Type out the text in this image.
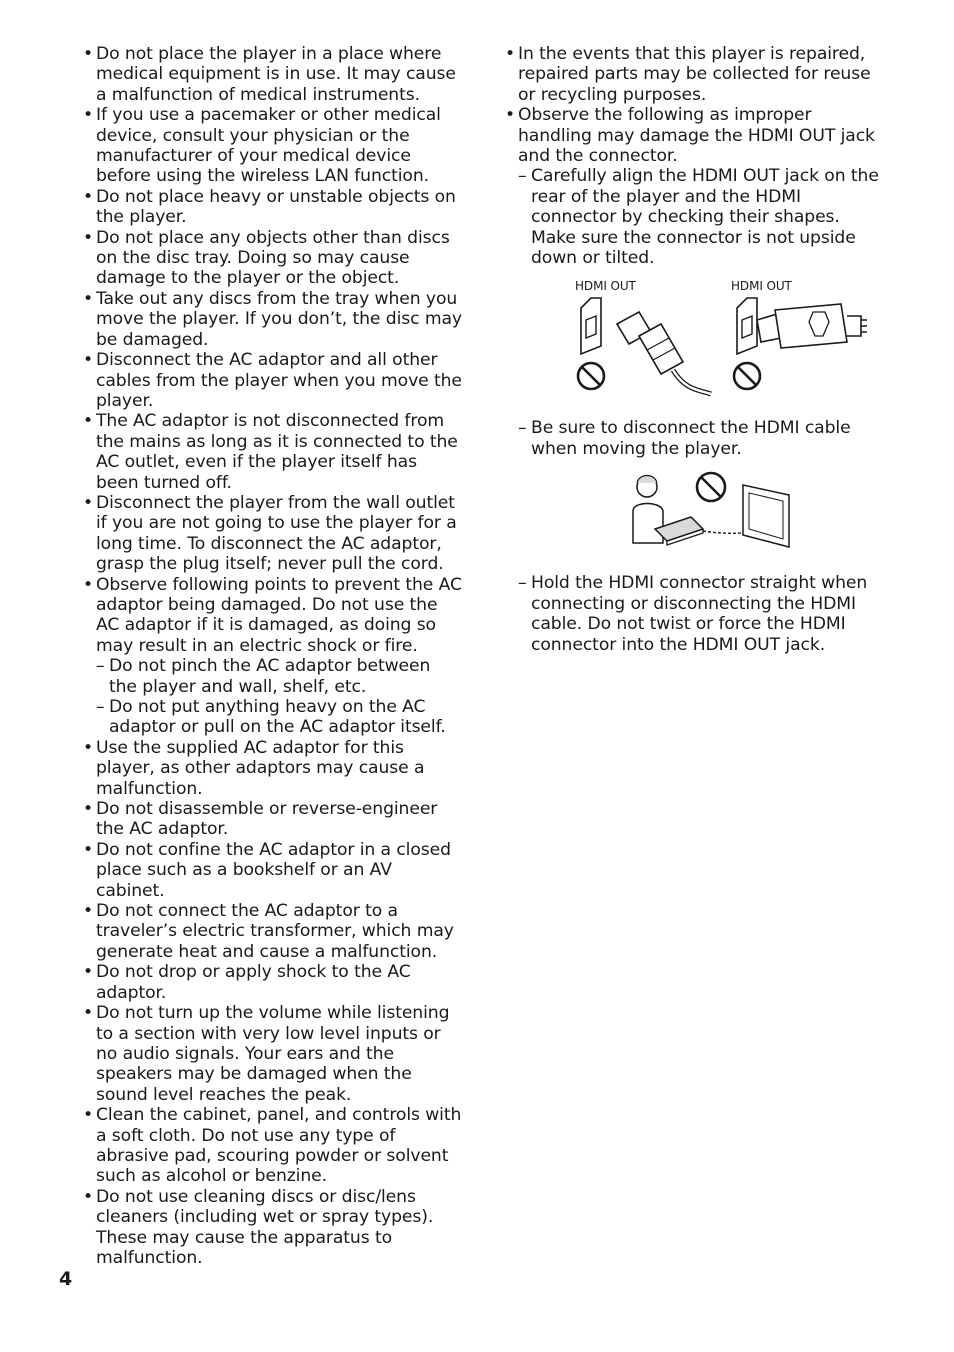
• Do not place the player in a place where medical equipment is in use. It may cause a malfunction of medical instruments.
• If you use a pacemaker or other medical device, consult your physician or the manufacturer of your medical device before using the wireless LAN function.
• Do not place heavy or unstable objects on the player.
• Do not place any objects other than discs on the disc tray. Doing so may cause damage to the player or the object.
• Take out any discs from the tray when you move the player. If you don’t, the disc may be damaged.
• Disconnect the AC adaptor and all other cables from the player when you move the player.
• The AC adaptor is not disconnected from the mains as long as it is connected to the AC outlet, even if the player itself has been turned off.
• Disconnect the player from the wall outlet if you are not going to use the player for a long time. To disconnect the AC adaptor, grasp the plug itself; never pull the cord.
• Observe following points to prevent the AC adaptor being damaged. Do not use the AC adaptor if it is damaged, as doing so may result in an electric shock or fire.
– Do not pinch the AC adaptor between the player and wall, shelf, etc.
– Do not put anything heavy on the AC adaptor or pull on the AC adaptor itself.
• Use the supplied AC adaptor for this player, as other adaptors may cause a malfunction.
• Do not disassemble or reverse-engineer the AC adaptor.
• Do not confine the AC adaptor in a closed place such as a bookshelf or an AV cabinet.
• Do not connect the AC adaptor to a traveler’s electric transformer, which may generate heat and cause a malfunction.
• Do not drop or apply shock to the AC adaptor.
• Do not turn up the volume while listening to a section with very low level inputs or no audio signals. Your ears and the speakers may be damaged when the sound level reaches the peak.
• Clean the cabinet, panel, and controls with a soft cloth. Do not use any type of abrasive pad, scouring powder or solvent such as alcohol or benzine.
• Do not use cleaning discs or disc/lens cleaners (including wet or spray types). These may cause the apparatus to malfunction.
• In the events that this player is repaired, repaired parts may be collected for reuse or recycling purposes.
• Observe the following as improper handling may damage the HDMI OUT jack and the connector.
– Carefully align the HDMI OUT jack on the rear of the player and the HDMI connector by checking their shapes. Make sure the connector is not upside down or tilted.
HDMI OUT	HDMI OUT
– Be sure to disconnect the HDMI cable when moving the player.
– Hold the HDMI connector straight when connecting or disconnecting the HDMI cable. Do not twist or force the HDMI connector into the HDMI OUT jack.
4
